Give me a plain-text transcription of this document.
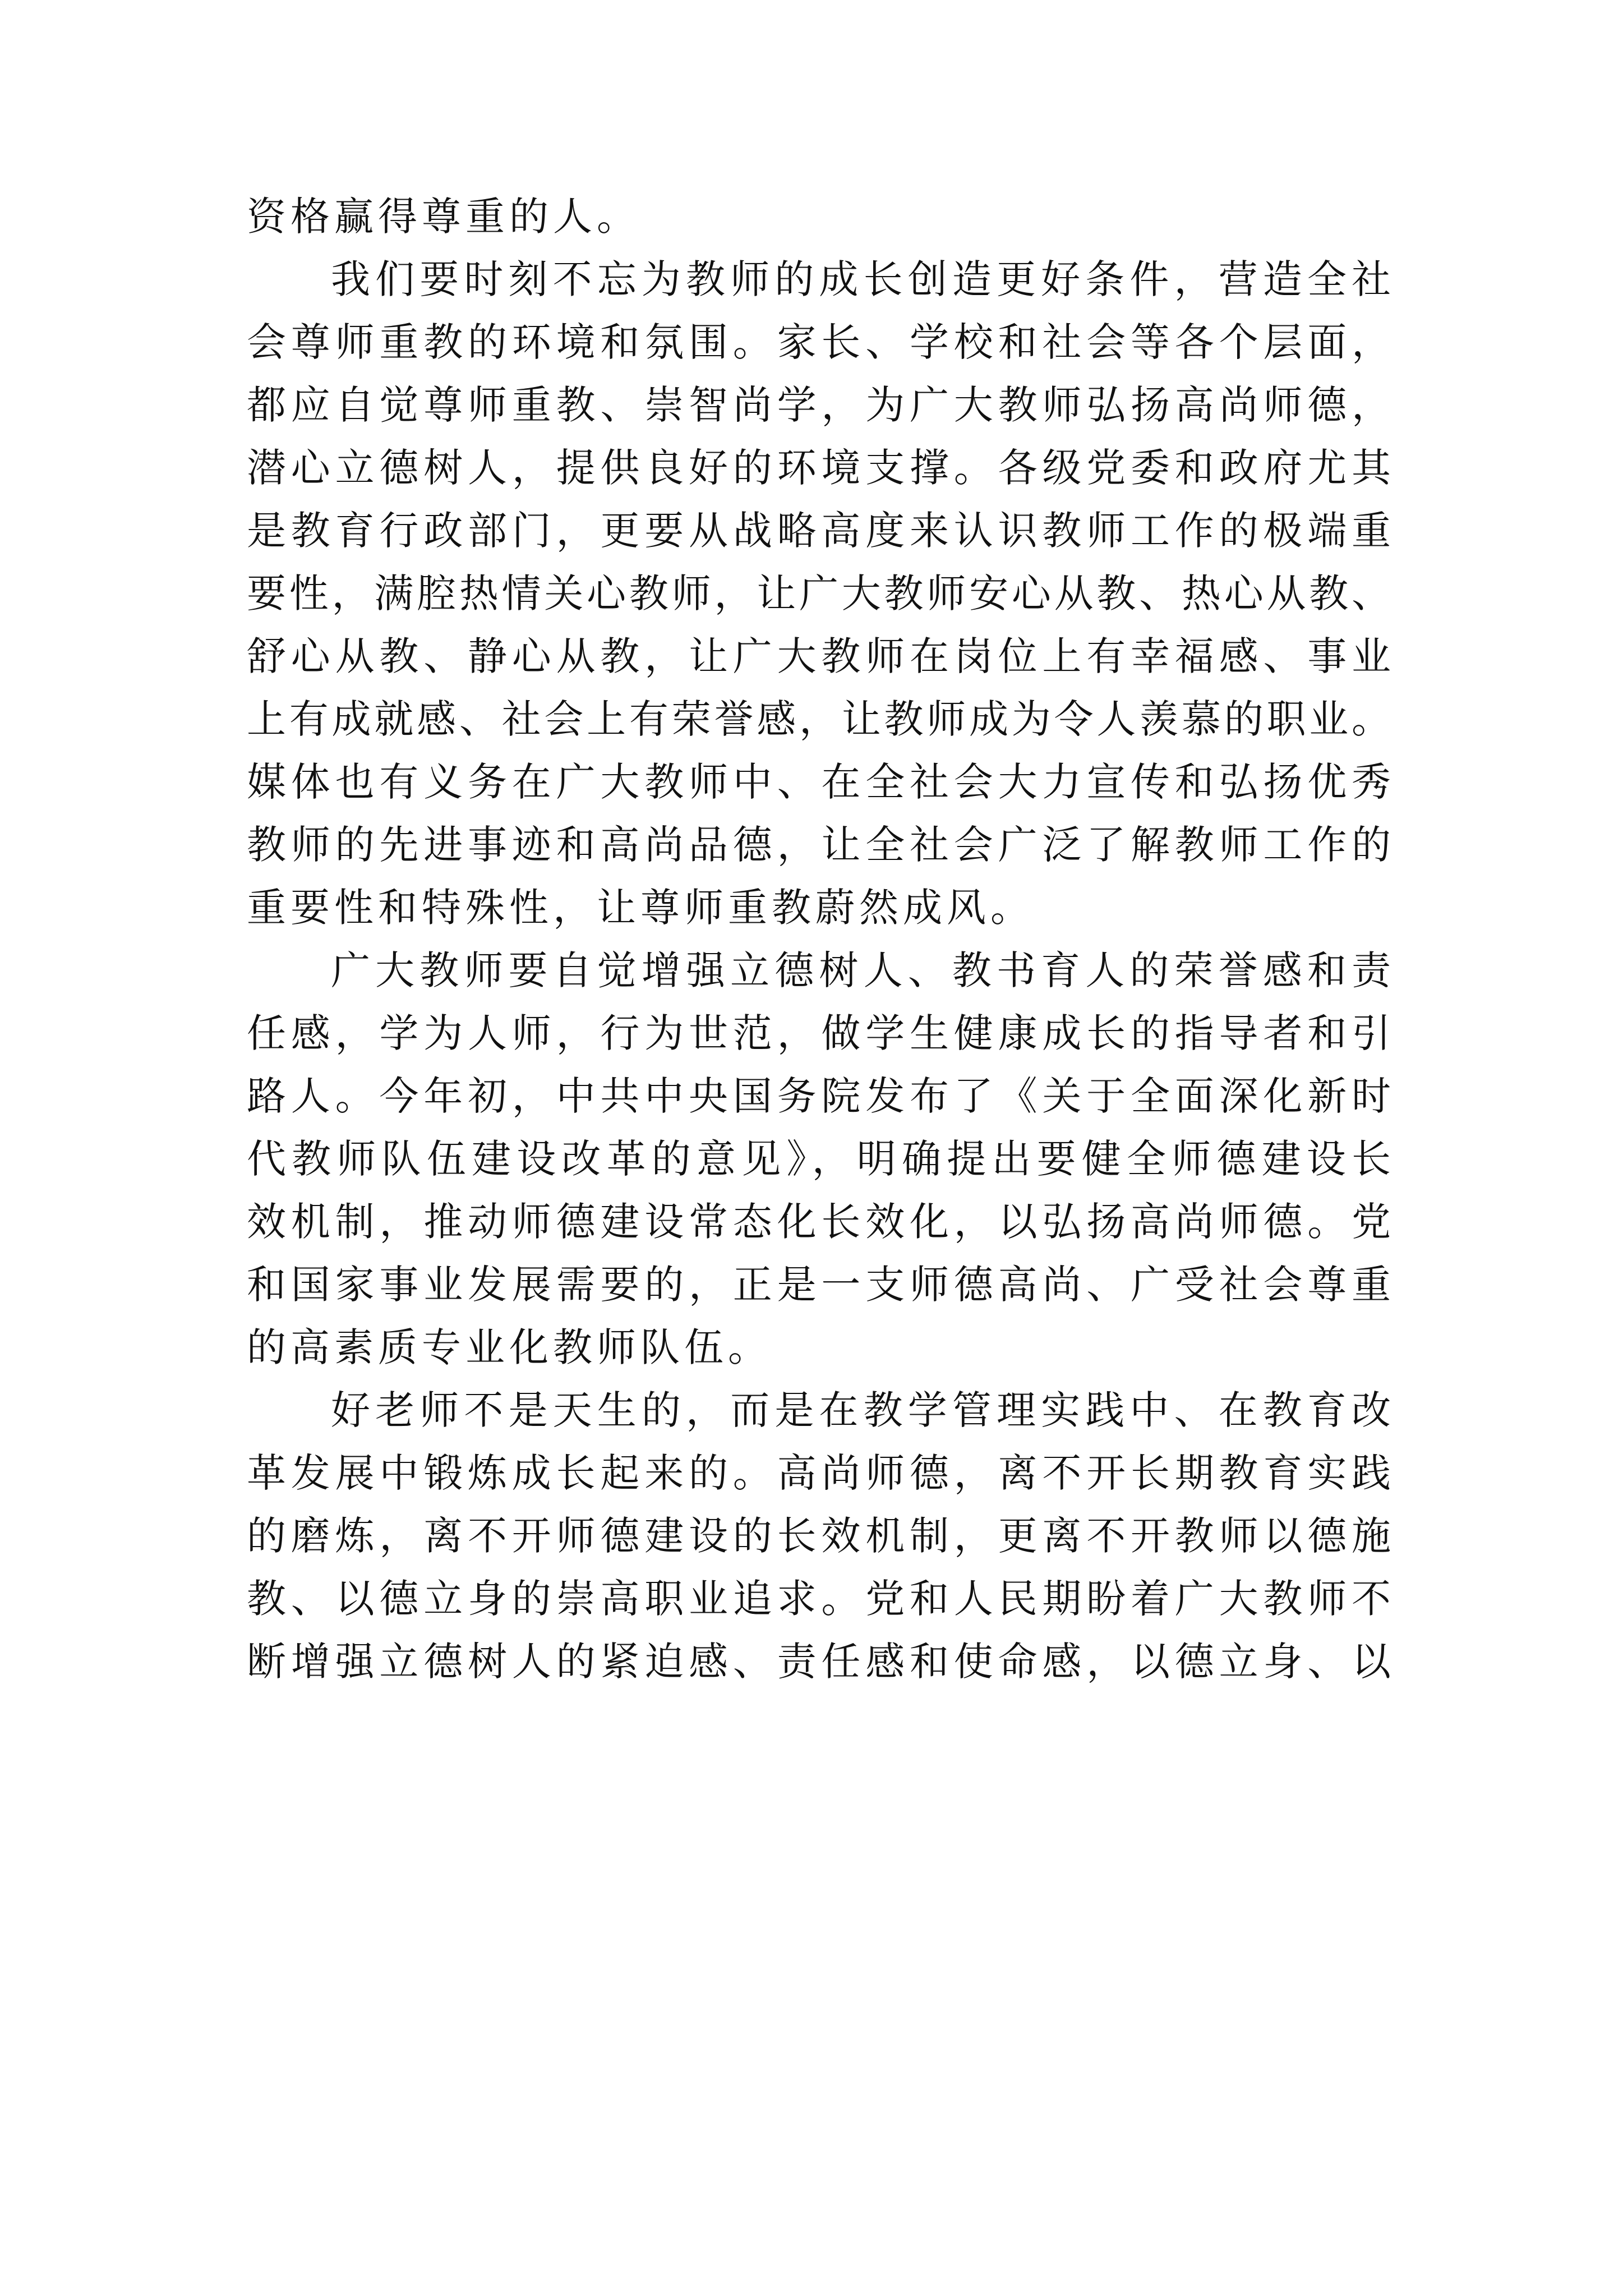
资格赢得尊重的人。
我们要时刻不忘为教师的成长创造更好条件，营造全社
会尊师重教的环境和氛围。家长、学校和社会等各个层面，
都应自觉尊师重教、崇智尚学，为广大教师弘扬高尚师德，
潜心立德树人，提供良好的环境支撑。各级党委和政府尤其
是教育行政部门，更要从战略高度来认识教师工作的极端重
要性，满腔热情关心教师，让广大教师安心从教、热心从教、
舒心从教、静心从教，让广大教师在岗位上有幸福感、事业
上有成就感、社会上有荣誉感，让教师成为令人羡慕的职业。
媒体也有义务在广大教师中、在全社会大力宣传和弘扬优秀
教师的先进事迹和高尚品德，让全社会广泛了解教师工作的
重要性和特殊性，让尊师重教蔚然成风。
广大教师要自觉增强立德树人、教书育人的荣誉感和责
任感，学为人师，行为世范，做学生健康成长的指导者和引
路人。今年初，中共中央国务院发布了《关于全面深化新时
代教师队伍建设改革的意见》，明确提出要健全师德建设长
效机制，推动师德建设常态化长效化，以弘扬高尚师德。党
和国家事业发展需要的，正是一支师德高尚、广受社会尊重
的高素质专业化教师队伍。
好老师不是天生的，而是在教学管理实践中、在教育改
革发展中锻炼成长起来的。高尚师德，离不开长期教育实践
的磨炼，离不开师德建设的长效机制，更离不开教师以德施
教、以德立身的崇高职业追求。党和人民期盼着广大教师不
断增强立德树人的紧迫感、责任感和使命感，以德立身、以
